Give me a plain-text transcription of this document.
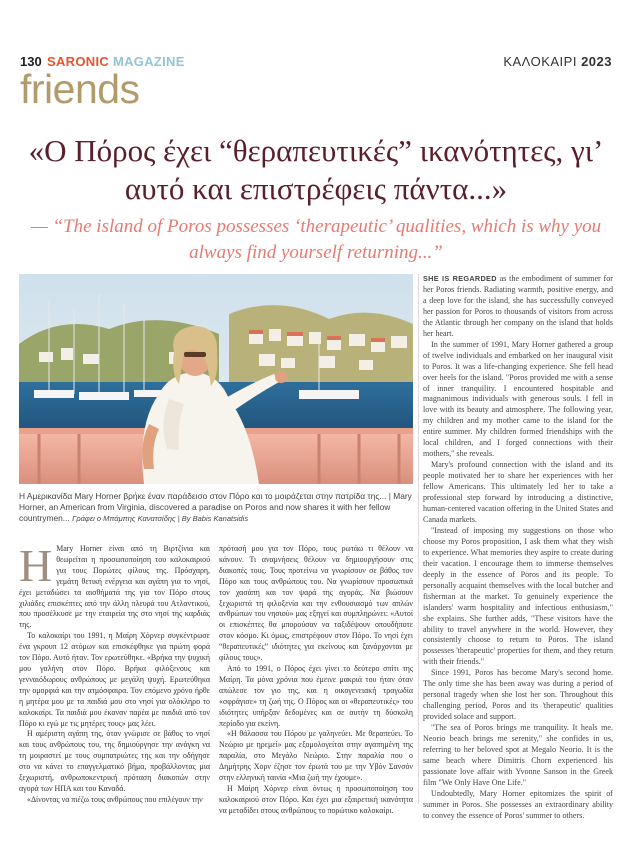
130 SARONIC MAGAZINE	ΚΑΛΟΚΑΙΡΙ 2023
friends
«Ο Πόρος έχει “θεραπευτικές” ικανότητες, γι’ αυτό και επιστρέφεις πάντα...»
— “The island of Poros possesses ‘therapeutic’ qualities, which is why you always find yourself returning...”
Η Αμερικανίδα Mary Horner βρήκε έναν παράδεισο στον Πόρο και το μοιράζεται στην πατρίδα της... | Mary Horner, an American from Virginia, discovered a paradise on Poros and now shares it with her fellow countrymen... Γράφει ο Μπάμπης Κανατσίδης | By Babis Kanatsidis
Η Mary Horner είναι από τη Βιρτζίνια και θεωρείται η προσωποποίηση του καλοκαιριού για τους Πορώτες φίλους της. Πρόσχαρη, γεμάτη θετική ενέργεια και αγάπη για το νησί, έχει μεταδώσει τα αισθήματά της για τον Πόρο στους χιλιάδες επισκέπτες από την άλλη πλευρά του Ατλαντικού, που προσέλκυσε με την εταιρεία της στο νησί της καρδιάς της.

Το καλοκαίρι του 1991, η Μαίρη Χόρνερ συγκέντρωσε ένα γκρουπ 12 ατόμων και επισκέφθηκε για πρώτη φορά τον Πόρο. Αυτό ήταν. Τον ερωτεύθηκε. «Βρήκα την ψυχική μου γαλήνη στον Πόρο. Βρήκα φιλόξενους και γενναιόδωρους ανθρώπους με μεγάλη ψυχή. Ερωτεύθηκα την ομορφιά και την ατμόσφαιρα. Τον επόμενο χρόνο ήρθε η μητέρα μου με τα παιδιά μου στο νησί για ολόκληρο το καλοκαίρι. Τα παιδιά μου έκαναν παρέα με παιδιά από τον Πόρο κι εγώ με τις μητέρες τους» μας λέει.

Η αμέριστη αγάπη της, όταν γνώρισε σε βάθος το νησί και τους ανθρώπους του, της δημιούργησε την ανάγκη να τη μοιραστεί με τους συμπατριώτες της και την οδήγησε στο να κάνει το επαγγελματικό βήμα, προβάλλοντας μια ξεχωριστή, ανθρωποκεντρική πρόταση διακοπών στην αγορά των ΗΠΑ και του Καναδά.

«Δίνοντας να πιέζω τους ανθρώπους που επιλέγουν την

πρότασή μου για τον Πόρο, τους ρωτάω τι θέλουν να κάνουν. Τι αναμνήσεις θέλουν να δημιουργήσουν στις διακοπές τους. Τους προτείνω να γνωρίσουν σε βάθος τον Πόρο και τους ανθρώπους του. Να γνωρίσουν προσωπικά τον χασάπη και τον ψαρά της αγοράς. Να βιώσουν ξεχωριστά τη φιλοξενία και την ενθουσιασμό των απλών ανθρώπων του νησιού» μας εξηγεί και συμπληρώνει: «Αυτοί οι επισκέπτες θα μπορούσαν να ταξιδέψουν οπουδήποτε στον κόσμο. Κι όμως, επιστρέφουν στον Πόρο. Το νησί έχει “θεραπευτικές” ιδιότητες για εκείνους και ξανάρχονται με φίλους τους».

Από το 1991, ο Πόρος έχει γίνει το δεύτερο σπίτι της Μαίρη. Τα μόνα χρόνια που έμεινε μακριά του ήταν όταν απώλεσε τον γιο της, και η οικογενειακή τραγωδία «σφράγισε» τη ζωή της. Ο Πόρος και οι «θεραπευτικές» του ιδιότητες υπήρξαν δεδομένες και σε αυτήν τη δύσκολη περίοδο για εκείνη.

«Η θάλασσα του Πόρου με γαληνεύει. Με θεραπεύει. Το Νεώριο με ηρεμεί» μας εξομολογείται στην αγαπημένη της παραλία, στο Μεγάλο Νεώριο. Στην παραλία που ο Δημήτρης Χορν έζησε τον έρωτά του με την Υβόν Σανσόν στην ελληνική ταινία «Μια ζωή την έχουμε».

Η Μαίρη Χόρνερ είναι όντως η προσωποποίηση του καλοκαιριού στον Πόρο. Και έχει μια εξαιρετική ικανότητα να μεταδίδει στους ανθρώπους το πορώτικο καλοκαίρι.

SHE IS REGARDED as the embodiment of summer for her Poros friends. Radiating warmth, positive energy, and a deep love for the island, she has successfully conveyed her passion for Poros to thousands of visitors from across the Atlantic through her company on the island that holds her heart.

In the summer of 1991, Mary Horner gathered a group of twelve individuals and embarked on her inaugural visit to Poros. It was a life-changing experience. She fell head over heels for the island. "Poros provided me with a sense of inner tranquility. I encountered hospitable and magnanimous individuals with generous souls. I fell in love with its beauty and atmosphere. The following year, my children and my mother came to the island for the entire summer. My children formed friendships with the local children, and I forged connections with their mothers," she reveals.

Mary's profound connection with the island and its people motivated her to share her experiences with her fellow Americans. This ultimately led her to take a professional step forward by introducing a distinctive, human-centered vacation offering in the United States and Canada markets.

"Instead of imposing my suggestions on those who choose my Poros proposition, I ask them what they wish to experience. What memories they aspire to create during their vacation. I encourage them to immerse themselves deeply in the essence of Poros and its people. To personally acquaint themselves with the local butcher and fisherman at the market. To genuinely experience the islanders' warm hospitality and infectious enthusiasm," she explains. She further adds, "These visitors have the ability to travel anywhere in the world. However, they consistently choose to return to Poros. The island possesses 'therapeutic' properties for them, and they return with their friends."

Since 1991, Poros has become Mary's second home. The only time she has been away was during a period of personal tragedy when she lost her son. Throughout this challenging period, Poros and its 'therapeutic' qualities provided solace and support.

"The sea of Poros brings me tranquility. It heals me. Neorio beach brings me serenity," she confides in us, referring to her beloved spot at Megalo Neorio. It is the same beach where Dimitris Chorn experienced his passionate love affair with Yvonne Sanson in the Greek film "We Only Have One Life."

Undoubtedly, Mary Horner epitomizes the spirit of summer in Poros. She possesses an extraordinary ability to convey the essence of Poros' summer to others.
